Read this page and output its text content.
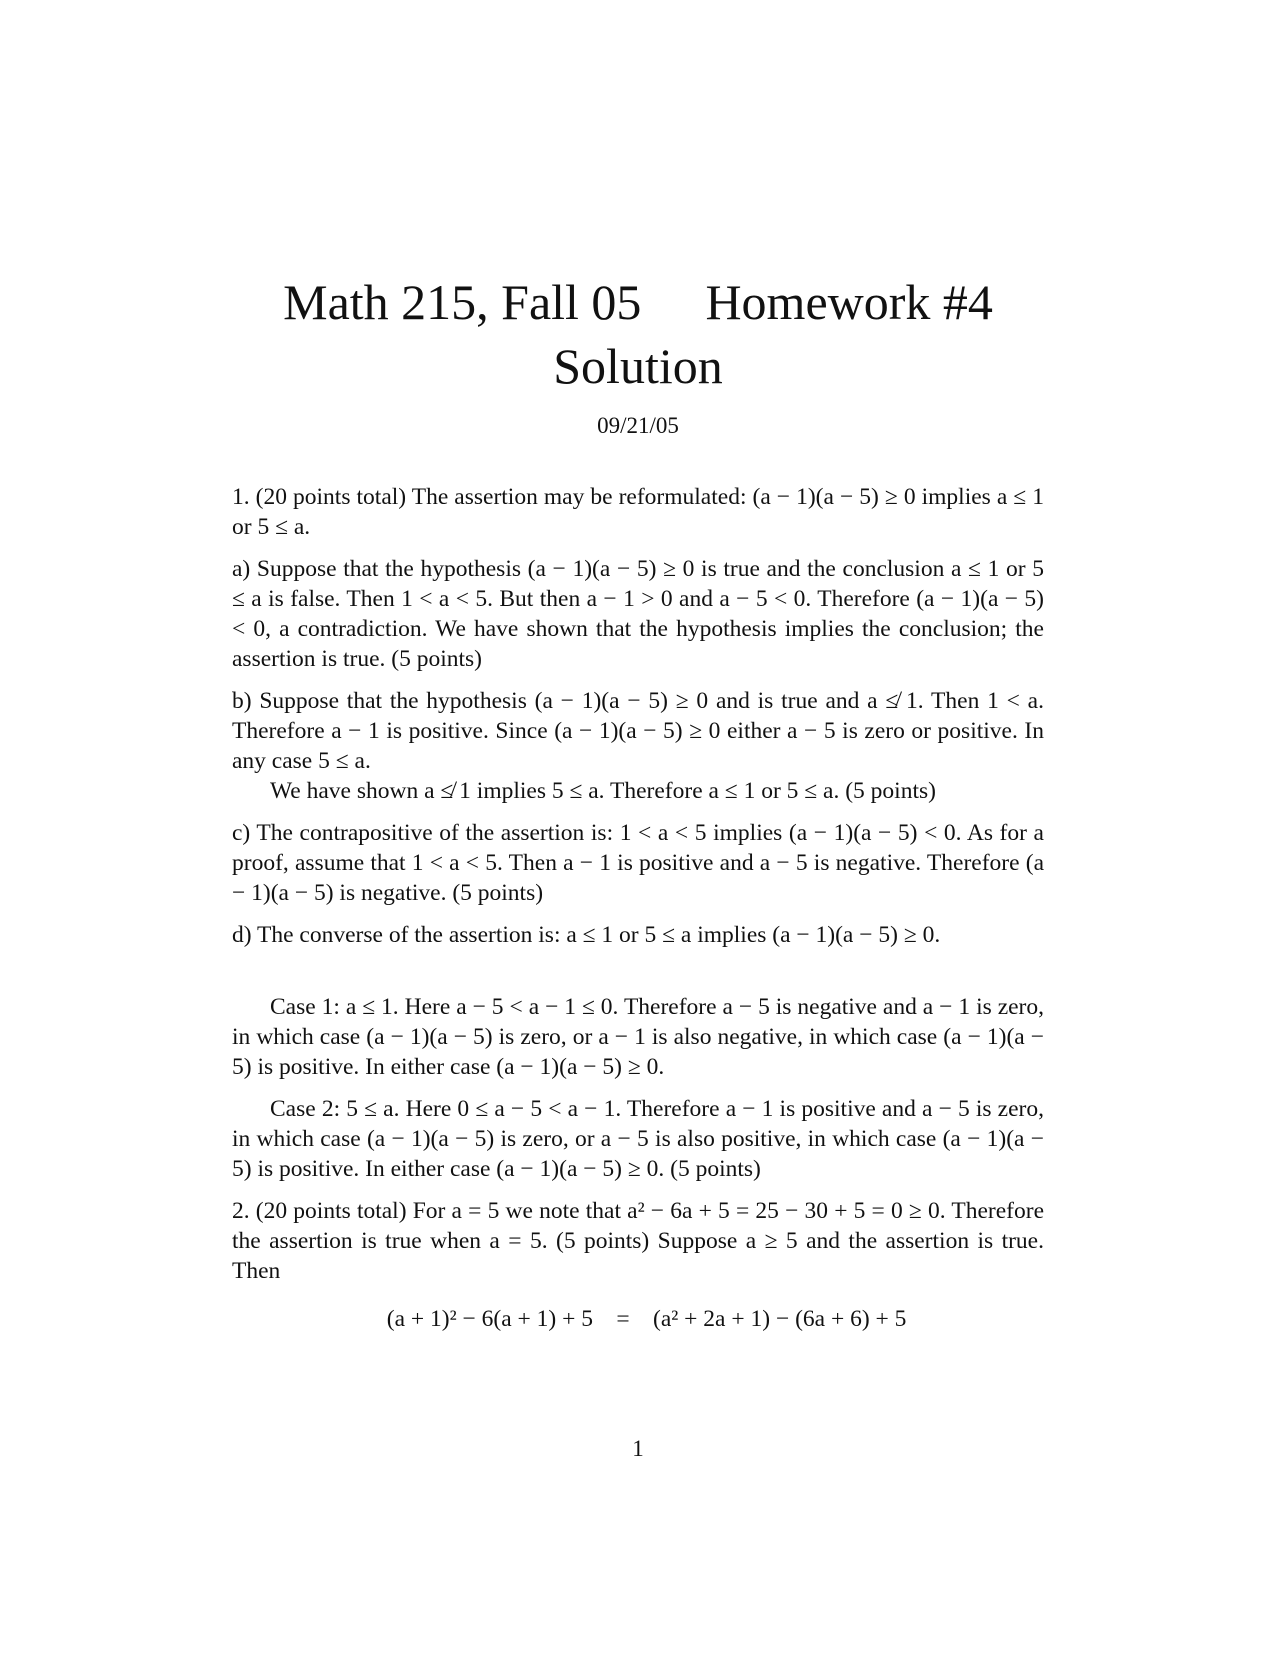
Math 215, Fall 05 Homework #4
Solution
09/21/05

1. (20 points total) The assertion may be reformulated: (a − 1)(a − 5) ≥ 0 implies a ≤ 1 or 5 ≤ a.

a) Suppose that the hypothesis (a − 1)(a − 5) ≥ 0 is true and the conclusion a ≤ 1 or 5 ≤ a is false. Then 1 < a < 5. But then a − 1 > 0 and a − 5 < 0. Therefore (a − 1)(a − 5) < 0, a contradiction. We have shown that the hypothesis implies the conclusion; the assertion is true. (5 points)

b) Suppose that the hypothesis (a − 1)(a − 5) ≥ 0 and is true and a ≰ 1. Then 1 < a. Therefore a − 1 is positive. Since (a − 1)(a − 5) ≥ 0 either a − 5 is zero or positive. In any case 5 ≤ a.

We have shown a ≰ 1 implies 5 ≤ a. Therefore a ≤ 1 or 5 ≤ a. (5 points)

c) The contrapositive of the assertion is: 1 < a < 5 implies (a − 1)(a − 5) < 0. As for a proof, assume that 1 < a < 5. Then a − 1 is positive and a − 5 is negative. Therefore (a − 1)(a − 5) is negative. (5 points)

d) The converse of the assertion is: a ≤ 1 or 5 ≤ a implies (a − 1)(a − 5) ≥ 0.

Case 1: a ≤ 1. Here a − 5 < a − 1 ≤ 0. Therefore a − 5 is negative and a − 1 is zero, in which case (a − 1)(a − 5) is zero, or a − 1 is also negative, in which case (a − 1)(a − 5) is positive. In either case (a − 1)(a − 5) ≥ 0.

Case 2: 5 ≤ a. Here 0 ≤ a − 5 < a − 1. Therefore a − 1 is positive and a − 5 is zero, in which case (a − 1)(a − 5) is zero, or a − 5 is also positive, in which case (a − 1)(a − 5) is positive. In either case (a − 1)(a − 5) ≥ 0. (5 points)

2. (20 points total) For a = 5 we note that a² − 6a + 5 = 25 − 30 + 5 = 0 ≥ 0. Therefore the assertion is true when a = 5. (5 points) Suppose a ≥ 5 and the assertion is true. Then

(a + 1)² − 6(a + 1) + 5 = (a² + 2a + 1) − (6a + 6) + 5
1
